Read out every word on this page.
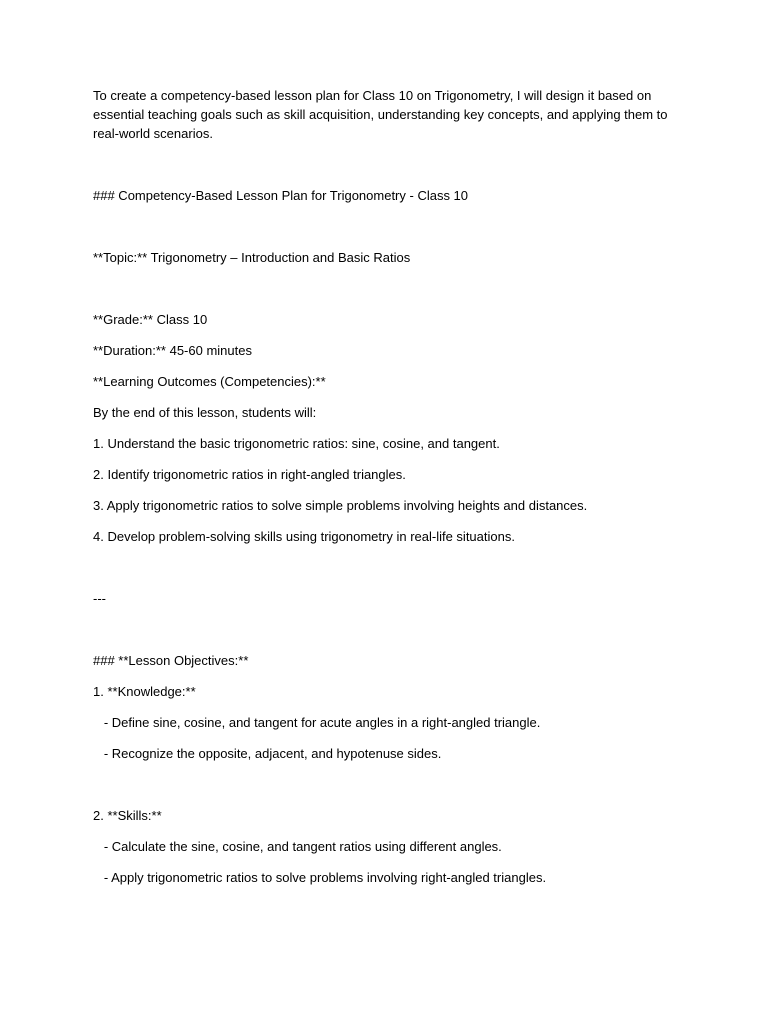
To create a competency-based lesson plan for Class 10 on Trigonometry, I will design it based on essential teaching goals such as skill acquisition, understanding key concepts, and applying them to real-world scenarios.

### Competency-Based Lesson Plan for Trigonometry - Class 10

**Topic:** Trigonometry – Introduction and Basic Ratios

**Grade:** Class 10

**Duration:** 45-60 minutes

**Learning Outcomes (Competencies):**

By the end of this lesson, students will:

1. Understand the basic trigonometric ratios: sine, cosine, and tangent.

2. Identify trigonometric ratios in right-angled triangles.

3. Apply trigonometric ratios to solve simple problems involving heights and distances.

4. Develop problem-solving skills using trigonometry in real-life situations.

---

### **Lesson Objectives:**

1. **Knowledge:**

- Define sine, cosine, and tangent for acute angles in a right-angled triangle.

- Recognize the opposite, adjacent, and hypotenuse sides.

2. **Skills:**

- Calculate the sine, cosine, and tangent ratios using different angles.

- Apply trigonometric ratios to solve problems involving right-angled triangles.
